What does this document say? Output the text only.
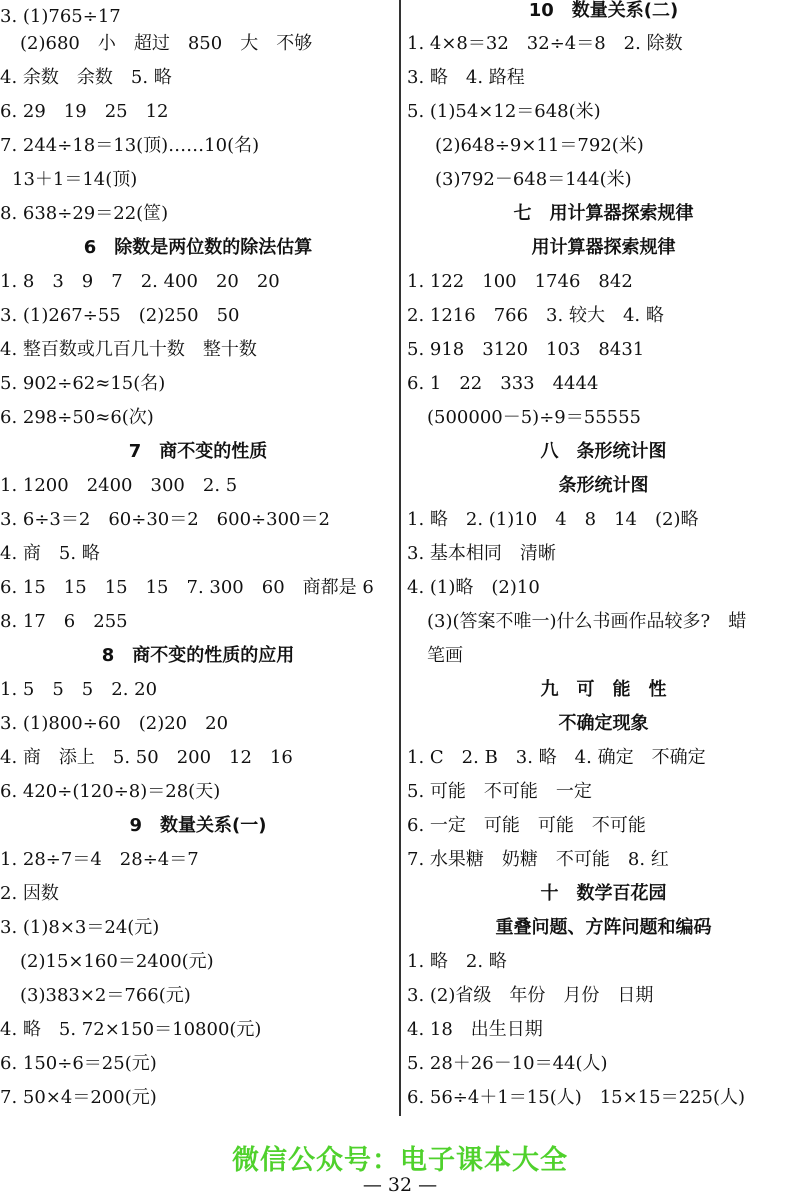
3. (1)765÷17
(2)680　小　超过　850　大　不够
4. 余数　余数　5. 略
6. 29　19　25　12
7. 244÷18＝13(顶)……10(名)
13＋1＝14(顶)
8. 638÷29＝22(筐)
6　除数是两位数的除法估算
1. 8　3　9　7　2. 400　20　20
3. (1)267÷55　(2)250　50
4. 整百数或几百几十数　整十数
5. 902÷62≈15(名)
6. 298÷50≈6(次)
7　商不变的性质
1. 1200　2400　300　2. 5
3. 6÷3＝2　60÷30＝2　600÷300＝2
4. 商　5. 略
6. 15　15　15　15　7. 300　60　商都是 6
8. 17　6　255
8　商不变的性质的应用
1. 5　5　5　2. 20
3. (1)800÷60　(2)20　20
4. 商　添上　5. 50　200　12　16
6. 420÷(120÷8)＝28(天)
9　数量关系(一)
1. 28÷7＝4　28÷4＝7
2. 因数
3. (1)8×3＝24(元)
(2)15×160＝2400(元)
(3)383×2＝766(元)
4. 略　5. 72×150＝10800(元)
6. 150÷6＝25(元)
7. 50×4＝200(元)
10　数量关系(二)
1. 4×8＝32　32÷4＝8　2. 除数
3. 略　4. 路程
5. (1)54×12＝648(米)
(2)648÷9×11＝792(米)
(3)792－648＝144(米)
七　用计算器探索规律
用计算器探索规律
1. 122　100　1746　842
2. 1216　766　3. 较大　4. 略
5. 918　3120　103　8431
6. 1　22　333　4444
(500000－5)÷9＝55555
八　条形统计图
条形统计图
1. 略　2. (1)10　4　8　14　(2)略
3. 基本相同　清晰
4. (1)略　(2)10
(3)(答案不唯一)什么书画作品较多?　蜡
笔画
九　可　能　性
不确定现象
1. C　2. B　3. 略　4. 确定　不确定
5. 可能　不可能　一定
6. 一定　可能　可能　不可能
7. 水果糖　奶糖　不可能　8. 红
十　数学百花园
重叠问题、方阵问题和编码
1. 略　2. 略
3. (2)省级　年份　月份　日期
4. 18　出生日期
5. 28＋26－10＝44(人)
6. 56÷4＋1＝15(人)　15×15＝225(人)
微信公众号：电子课本大全
— 32 —
